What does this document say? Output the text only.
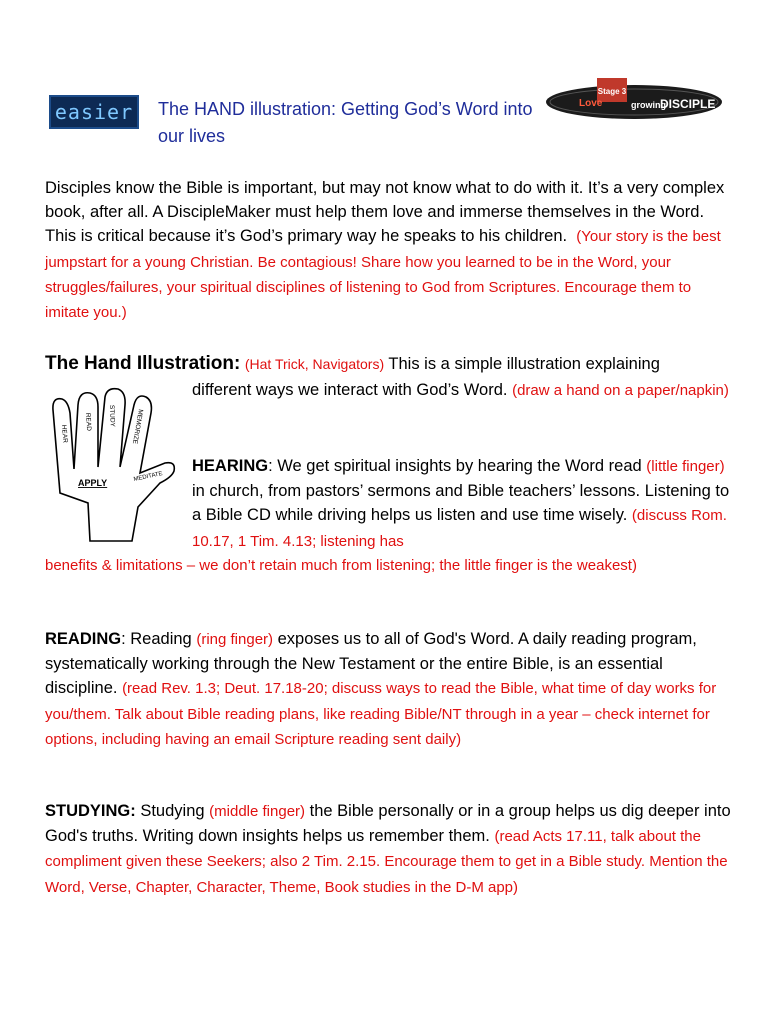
easier The HAND illustration: Getting God’s Word into our lives
Stage 3
Love	growing
DISCIPLE
Disciples know the Bible is important, but may not know what to do with it. It’s a very complex book, after all. A DiscipleMaker must help them love and immerse themselves in the Word. This is critical because it’s God’s primary way he speaks to his children. (Your story is the best jumpstart for a young Christian. Be contagious! Share how you learned to be in the Word, your struggles/failures, your spiritual disciplines of listening to God from Scriptures. Encourage them to imitate you.)
The Hand Illustration: (Hat Trick, Navigators) This is a simple illustration explaining
different ways we interact with God’s Word. (draw a hand on a paper/napkin)
HEAR
READ STUDY MEMORIZE
MEDITATE
APPLY
HEARING: We get spiritual insights by hearing the Word read (little finger) in church, from pastors’ sermons and Bible teachers’ lessons. Listening to a Bible CD while driving helps us listen and use time wisely. (discuss Rom. 10.17, 1 Tim. 4.13; listening has
benefits & limitations – we don’t retain much from listening; the little finger is the weakest)
READING: Reading (ring finger) exposes us to all of God's Word. A daily reading program, systematically working through the New Testament or the entire Bible, is an essential discipline. (read Rev. 1.3; Deut. 17.18-20; discuss ways to read the Bible, what time of day works for you/them. Talk about Bible reading plans, like reading Bible/NT through in a year – check internet for options, including having an email Scripture reading sent daily)
STUDYING: Studying (middle finger) the Bible personally or in a group helps us dig deeper into God's truths. Writing down insights helps us remember them. (read Acts 17.11, talk about the compliment given these Seekers; also 2 Tim. 2.15. Encourage them to get in a Bible study. Mention the Word, Verse, Chapter, Character, Theme, Book studies in the D-M app)
